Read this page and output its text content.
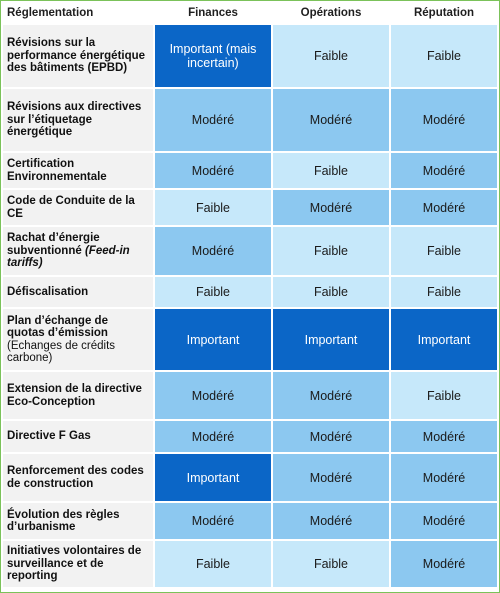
Réglementation	Finances	Opérations	Réputation
Révisions sur la performance énergétique des bâtiments (EPBD)	Important (mais incertain)	Faible	Faible
Révisions aux directives sur l’étiquetage énergétique	Modéré	Modéré	Modéré
Certification Environnementale	Modéré	Faible	Modéré
Code de Conduite de la CE	Faible	Modéré	Modéré
Rachat d’énergie subventionné (Feed-in tariffs)	Modéré	Faible	Faible
Défiscalisation	Faible	Faible	Faible
Plan d’échange de quotas d’émission (Echanges de crédits carbone)	Important	Important	Important
Extension de la directive Eco-Conception	Modéré	Modéré	Faible
Directive F Gas	Modéré	Modéré	Modéré
Renforcement des codes de construction	Important	Modéré	Modéré
Évolution des règles d’urbanisme	Modéré	Modéré	Modéré
Initiatives volontaires de surveillance et de reporting	Faible	Faible	Modéré
